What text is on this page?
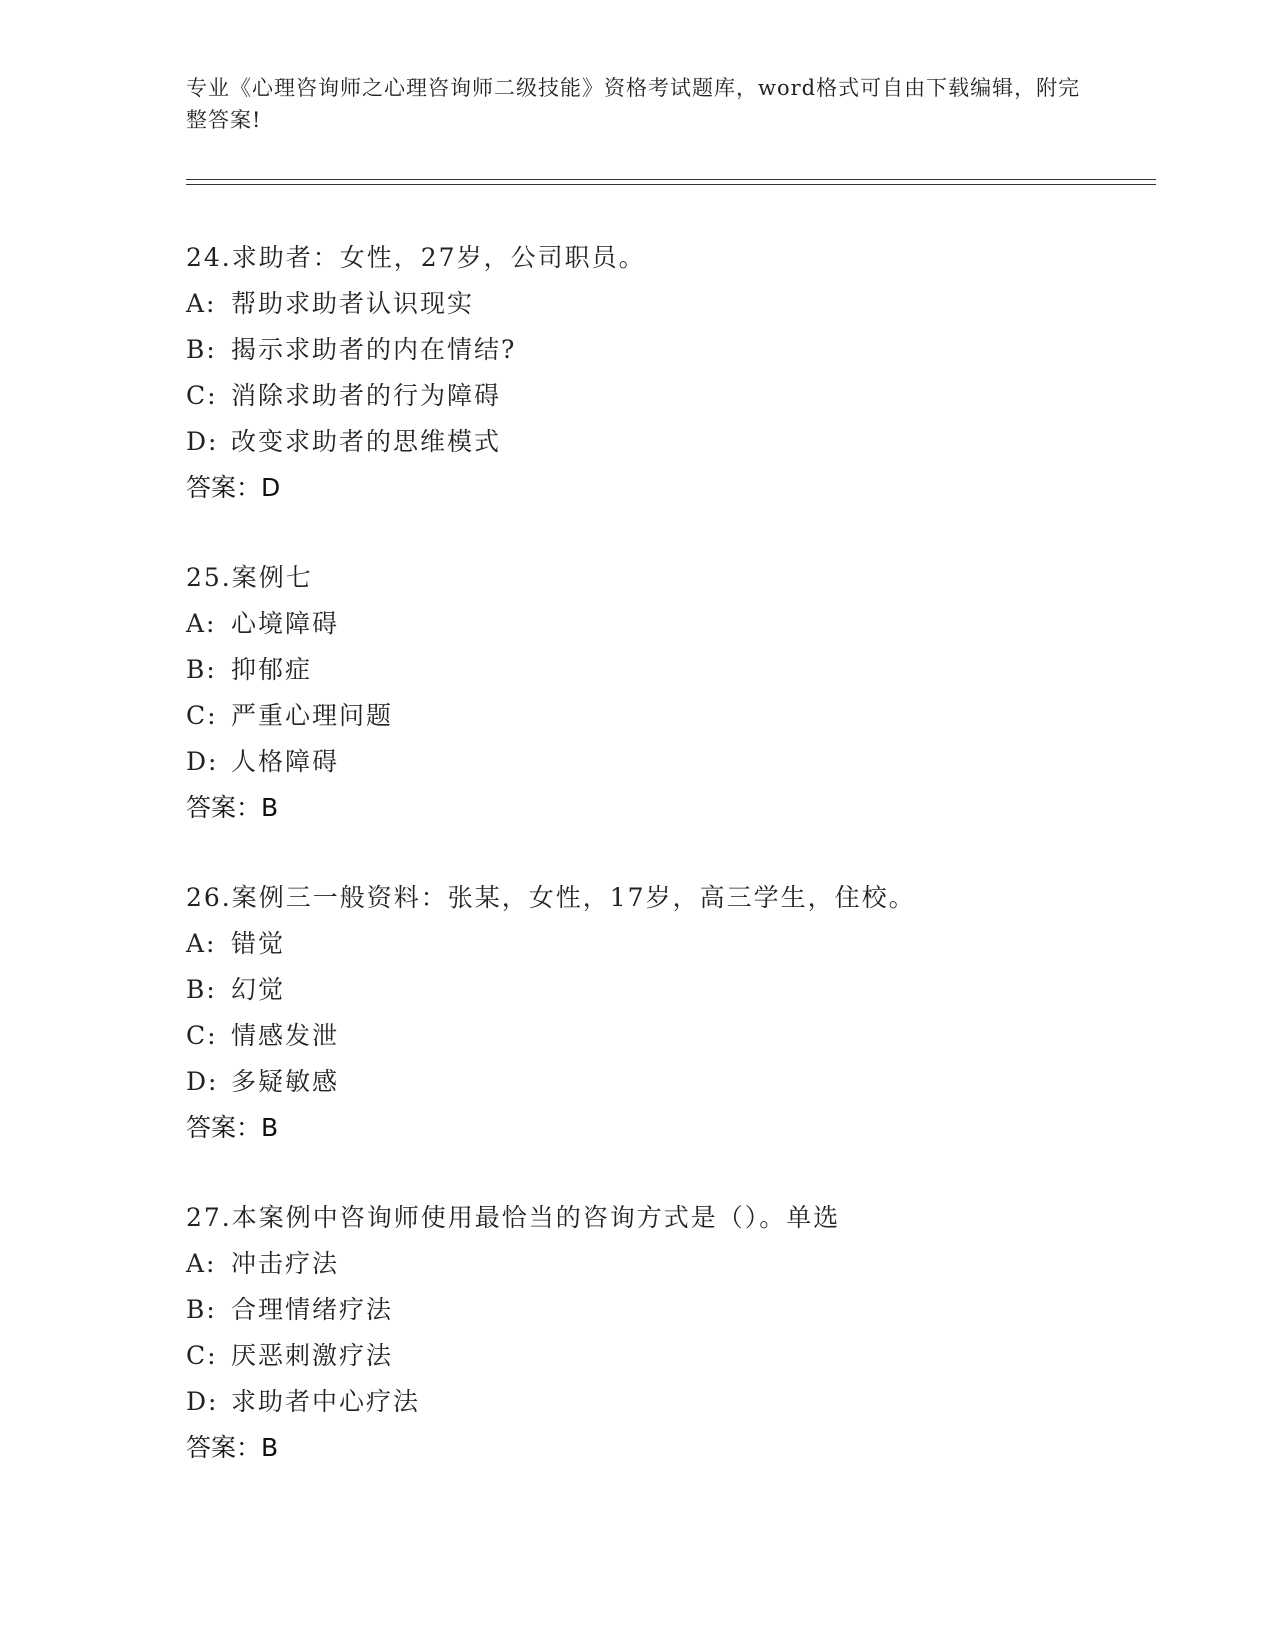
专业《心理咨询师之心理咨询师二级技能》资格考试题库，word格式可自由下载编辑，附完整答案!
24.求助者：女性，27岁，公司职员。
A: 帮助求助者认识现实
B: 揭示求助者的内在情结?
C: 消除求助者的行为障碍
D: 改变求助者的思维模式
答案：D
25.案例七
A: 心境障碍
B: 抑郁症
C: 严重心理问题
D: 人格障碍
答案：B
26.案例三一般资料：张某，女性，17岁，高三学生，住校。
A: 错觉
B: 幻觉
C: 情感发泄
D: 多疑敏感
答案：B
27.本案例中咨询师使用最恰当的咨询方式是（）。单选
A: 冲击疗法
B: 合理情绪疗法
C: 厌恶刺激疗法
D: 求助者中心疗法
答案：B
